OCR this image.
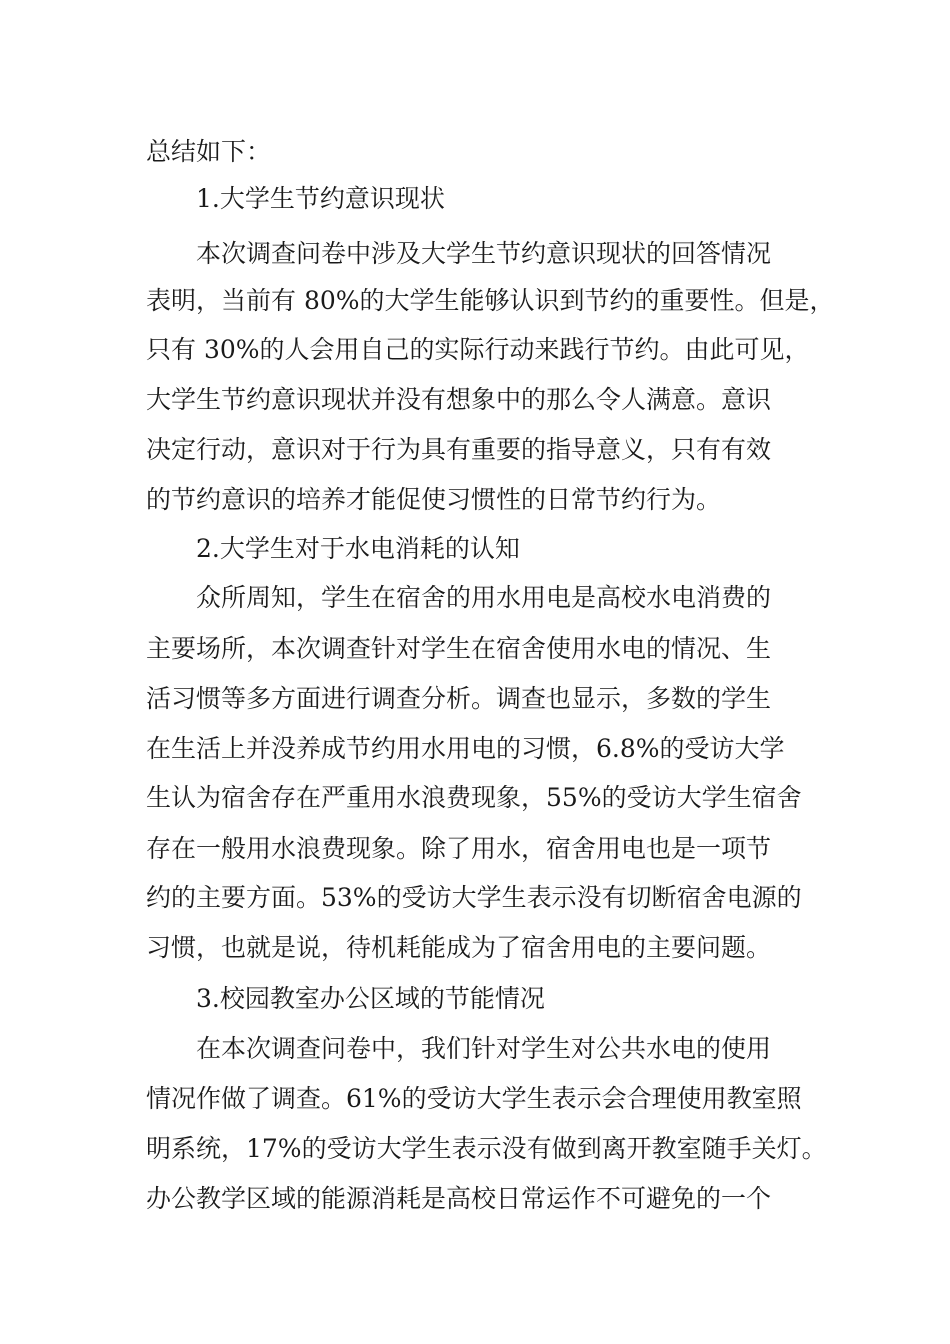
总结如下：
1.大学生节约意识现状
本次调查问卷中涉及大学生节约意识现状的回答情况
表明，当前有 80%的大学生能够认识到节约的重要性。但是，
只有 30%的人会用自己的实际行动来践行节约。由此可见，
大学生节约意识现状并没有想象中的那么令人满意。意识
决定行动，意识对于行为具有重要的指导意义，只有有效
的节约意识的培养才能促使习惯性的日常节约行为。
2.大学生对于水电消耗的认知
众所周知，学生在宿舍的用水用电是高校水电消费的
主要场所，本次调查针对学生在宿舍使用水电的情况、生
活习惯等多方面进行调查分析。调查也显示，多数的学生
在生活上并没养成节约用水用电的习惯，6.8%的受访大学
生认为宿舍存在严重用水浪费现象，55%的受访大学生宿舍
存在一般用水浪费现象。除了用水，宿舍用电也是一项节
约的主要方面。53%的受访大学生表示没有切断宿舍电源的
习惯，也就是说，待机耗能成为了宿舍用电的主要问题。
3.校园教室办公区域的节能情况
在本次调查问卷中，我们针对学生对公共水电的使用
情况作做了调查。61%的受访大学生表示会合理使用教室照
明系统，17%的受访大学生表示没有做到离开教室随手关灯。
办公教学区域的能源消耗是高校日常运作不可避免的一个
